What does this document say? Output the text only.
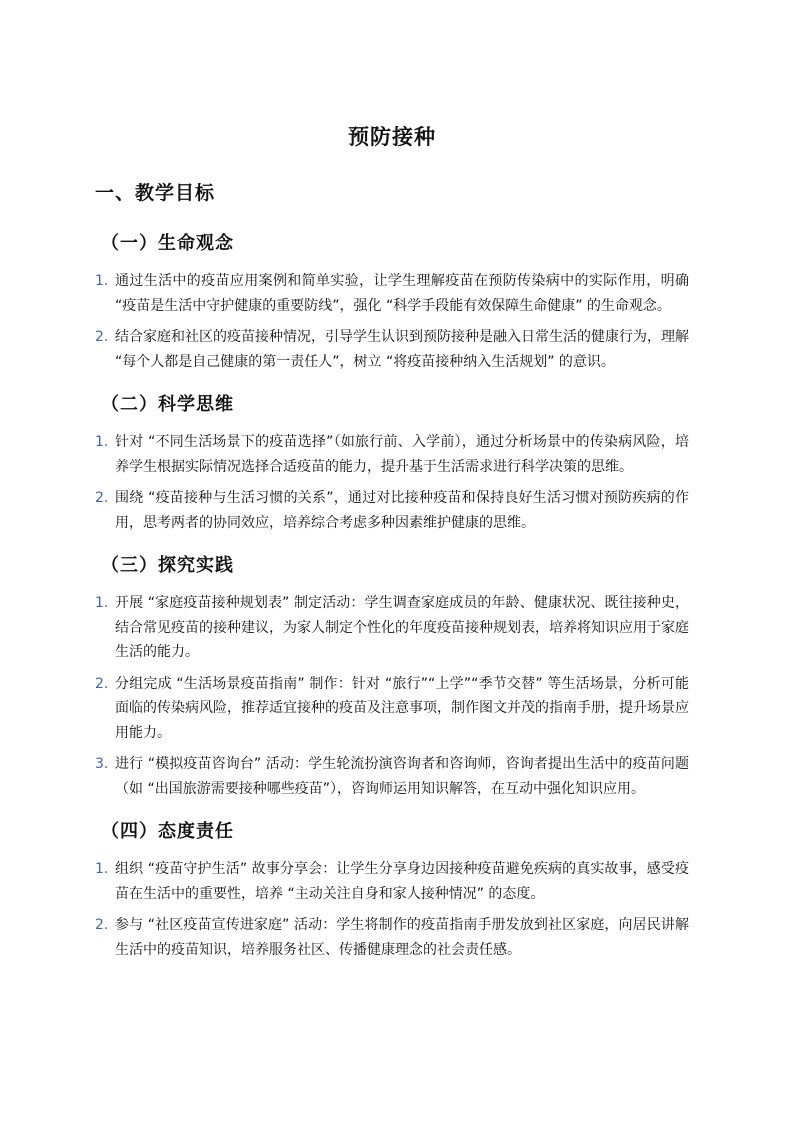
预防接种
一、教学目标
（一）生命观念
1. 通过生活中的疫苗应用案例和简单实验，让学生理解疫苗在预防传染病中的实际作用，明确 “疫苗是生活中守护健康的重要防线”，强化 “科学手段能有效保障生命健康” 的生命观念。
2. 结合家庭和社区的疫苗接种情况，引导学生认识到预防接种是融入日常生活的健康行为，理解 “每个人都是自己健康的第一责任人”，树立 “将疫苗接种纳入生活规划” 的意识。
（二）科学思维
1. 针对 “不同生活场景下的疫苗选择”（如旅行前、入学前），通过分析场景中的传染病风险，培养学生根据实际情况选择合适疫苗的能力，提升基于生活需求进行科学决策的思维。
2. 围绕 “疫苗接种与生活习惯的关系”，通过对比接种疫苗和保持良好生活习惯对预防疾病的作用，思考两者的协同效应，培养综合考虑多种因素维护健康的思维。
（三）探究实践
1. 开展 “家庭疫苗接种规划表” 制定活动：学生调查家庭成员的年龄、健康状况、既往接种史，结合常见疫苗的接种建议，为家人制定个性化的年度疫苗接种规划表，培养将知识应用于家庭生活的能力。
2. 分组完成 “生活场景疫苗指南” 制作：针对 “旅行”“上学”“季节交替” 等生活场景，分析可能面临的传染病风险，推荐适宜接种的疫苗及注意事项，制作图文并茂的指南手册，提升场景应用能力。
3. 进行 “模拟疫苗咨询台” 活动：学生轮流扮演咨询者和咨询师，咨询者提出生活中的疫苗问题（如 “出国旅游需要接种哪些疫苗”），咨询师运用知识解答，在互动中强化知识应用。
（四）态度责任
1. 组织 “疫苗守护生活” 故事分享会：让学生分享身边因接种疫苗避免疾病的真实故事，感受疫苗在生活中的重要性，培养 “主动关注自身和家人接种情况” 的态度。
2. 参与 “社区疫苗宣传进家庭” 活动：学生将制作的疫苗指南手册发放到社区家庭，向居民讲解生活中的疫苗知识，培养服务社区、传播健康理念的社会责任感。
